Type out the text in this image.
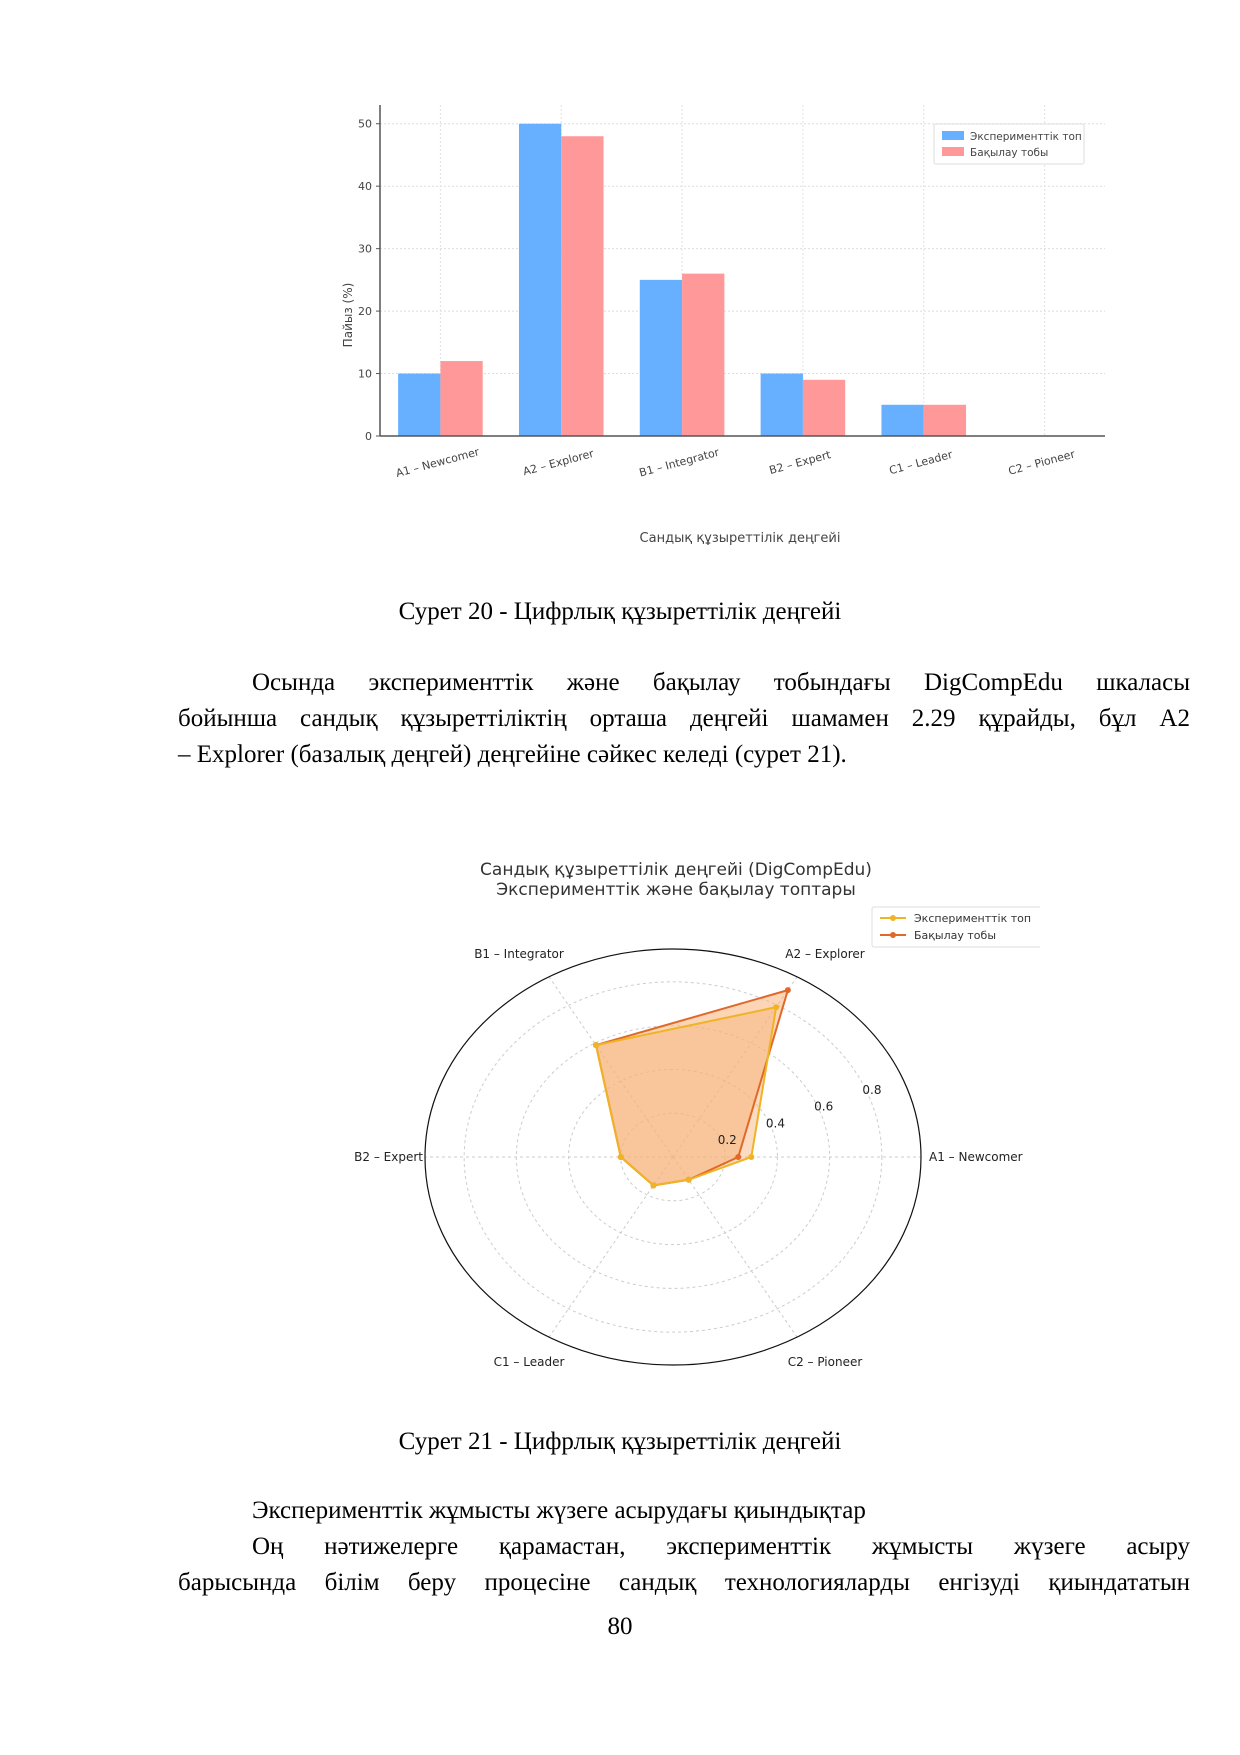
0
10
20
30
40
50
A1 – Newcomer	A2 – Explorer	B1 – Integrator	B2 – Expert	C1 – Leader	C2 – Pioneer
Пайыз (%)
Сандық құзыреттілік деңгейі
Эксперименттік топ
Бақылау тобы
Сурет 20 - Цифрлық құзыреттілік деңгейі
Осында эксперименттік және бақылау тобындағы DigCompEdu шкаласы
бойынша сандық құзыреттіліктің орташа деңгейі шамамен 2.29 құрайды, бұл А2
– Explorer (базалық деңгей) деңгейіне сәйкес келеді (сурет 21).
Сандық құзыреттілік деңгейі (DigCompEdu)
Эксперименттік және бақылау топтары
A1 – Newcomer
A2 – Explorer
B1 – Integrator
B2 – Expert
C1 – Leader	C2 – Pioneer
0.2
0.4
0.6
0.8
Эксперименттік топ
Бақылау тобы
Сурет 21 - Цифрлық құзыреттілік деңгейі
Эксперименттік жұмысты жүзеге асырудағы қиындықтар
Оң нәтижелерге қарамастан, эксперименттік жұмысты жүзеге асыру
барысында білім беру процесіне сандық технологияларды енгізуді қиындататын
80
